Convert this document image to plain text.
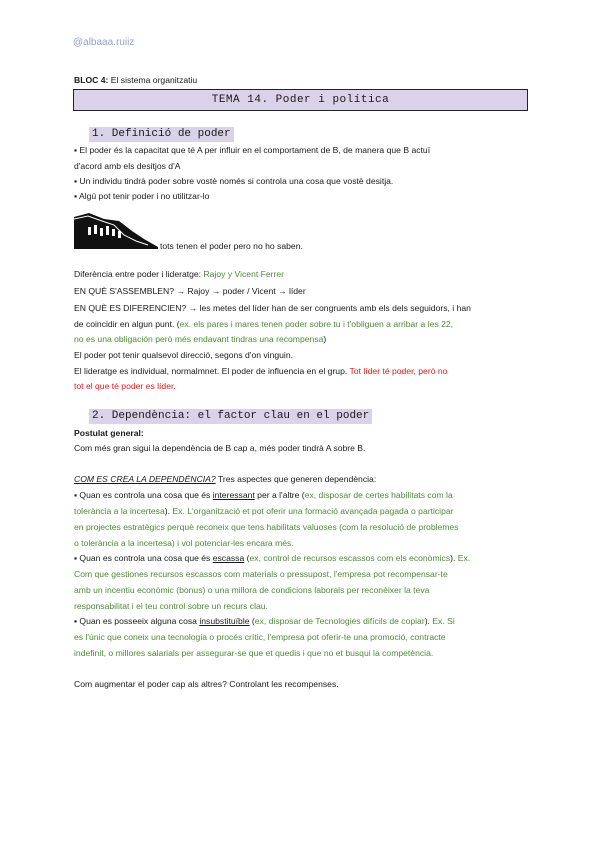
@albaaa.ruiiz
BLOC 4: El sistema organitzatiu
TEMA 14. Poder i política
1. Definició de poder
▪ El poder és la capacitat que té A per influir en el comportament de B, de manera que B actuï
d'acord amb els desitjos d'A
▪ Un individu tindrà poder sobre vostè només si controla una cosa que vostè desitja.
▪ Algú pot tenir poder i no utilitzar-lo
tots tenen el poder pero no ho saben.
Diferència entre poder i lideratge: Rajoy y Vicent Ferrer
EN QUÈ S'ASSEMBLEN? → Rajoy → poder / Vicent → líder
EN QUÈ ES DIFERENCIEN? → les metes del líder han de ser congruents amb els dels seguidors, i han
de coincidir en algun punt. (ex. els pares i mares tenen poder sobre tu i t'obliguen a arribar a les 22,
no es una obligación però més endavant tindras una recompensa)
El poder pot tenir qualsevol direcció, segons d'on vinguin.
El lideratge es individual, normalmnet. El poder de influencia en el grup. Tot líder té poder, però no
tot el que té poder es líder.
2. Dependència: el factor clau en el poder
Postulat general:
Com més gran sigui la dependència de B cap a, més poder tindrà A sobre B.
COM ES CREA LA DEPENDÈNCIA? Tres aspectes que generen dependència:
▪ Quan es controla una cosa que és interessant per a l'altre (ex, disposar de certes habilitats com la
tolerància a la incertesa). Ex. L'organització et pot oferir una formació avançada pagada o participar
en projectes estratègics perquè reconeix que tens habilitats valuoses (com la resolució de problemes
o tolerància a la incertesa) i vol potenciar-les encara més.
▪ Quan es controla una cosa que és escassa (ex, control de recursos escassos com els econòmics). Ex.
Com que gestiones recursos escassos com materials o pressupost, l'empresa pot recompensar-te
amb un incentiu econòmic (bonus) o una millora de condicions laborals per reconèixer la teva
responsabilitat i el teu control sobre un recurs clau.
▪ Quan es posseeix alguna cosa insubstituïble (ex, disposar de Tecnologies difícils de copiar). Ex. Si
es l'únic que coneix una tecnologia o procés crític, l'empresa pot oferir-te una promoció, contracte
indefinit, o millores salarials per assegurar-se que et quedis i que no et busqui la competència.
Com augmentar el poder cap als altres? Controlant les recompenses.
